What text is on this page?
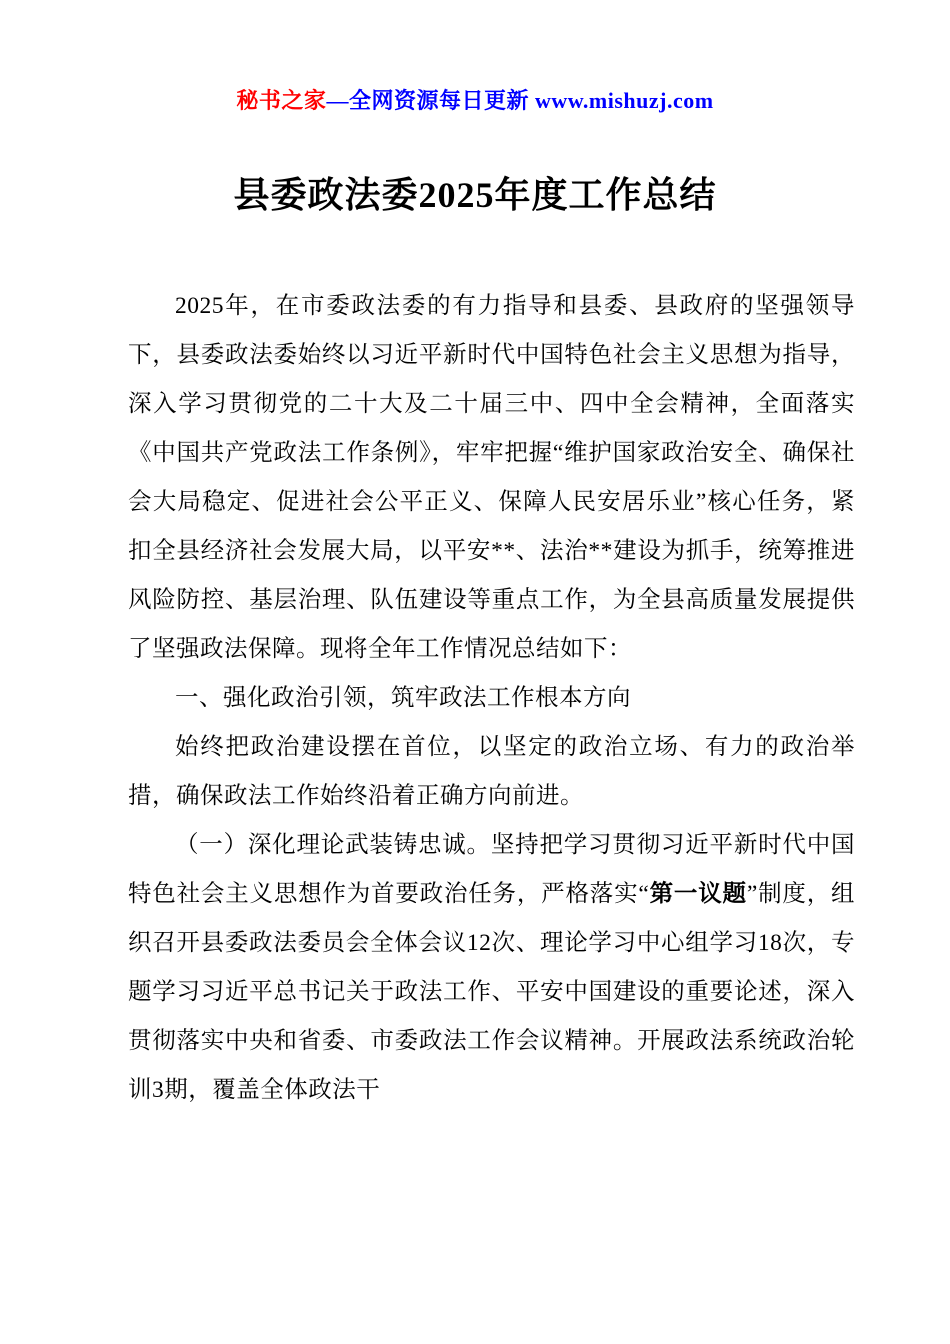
秘书之家—全网资源每日更新 www.mishuzj.com
县委政法委2025年度工作总结

2025年，在市委政法委的有力指导和县委、县政府的坚强领导下，县委政法委始终以习近平新时代中国特色社会主义思想为指导，深入学习贯彻党的二十大及二十届三中、四中全会精神，全面落实《中国共产党政法工作条例》，牢牢把握“维护国家政治安全、确保社会大局稳定、促进社会公平正义、保障人民安居乐业”核心任务，紧扣全县经济社会发展大局，以平安**、法治**建设为抓手，统筹推进风险防控、基层治理、队伍建设等重点工作，为全县高质量发展提供了坚强政法保障。现将全年工作情况总结如下：

一、强化政治引领，筑牢政法工作根本方向

始终把政治建设摆在首位，以坚定的政治立场、有力的政治举措，确保政法工作始终沿着正确方向前进。

（一）深化理论武装铸忠诚。坚持把学习贯彻习近平新时代中国特色社会主义思想作为首要政治任务，严格落实“第一议题”制度，组织召开县委政法委员会全体会议12次、理论学习中心组学习18次，专题学习习近平总书记关于政法工作、平安中国建设的重要论述，深入贯彻落实中央和省委、市委政法工作会议精神。开展政法系统政治轮训3期，覆盖全体政法干
